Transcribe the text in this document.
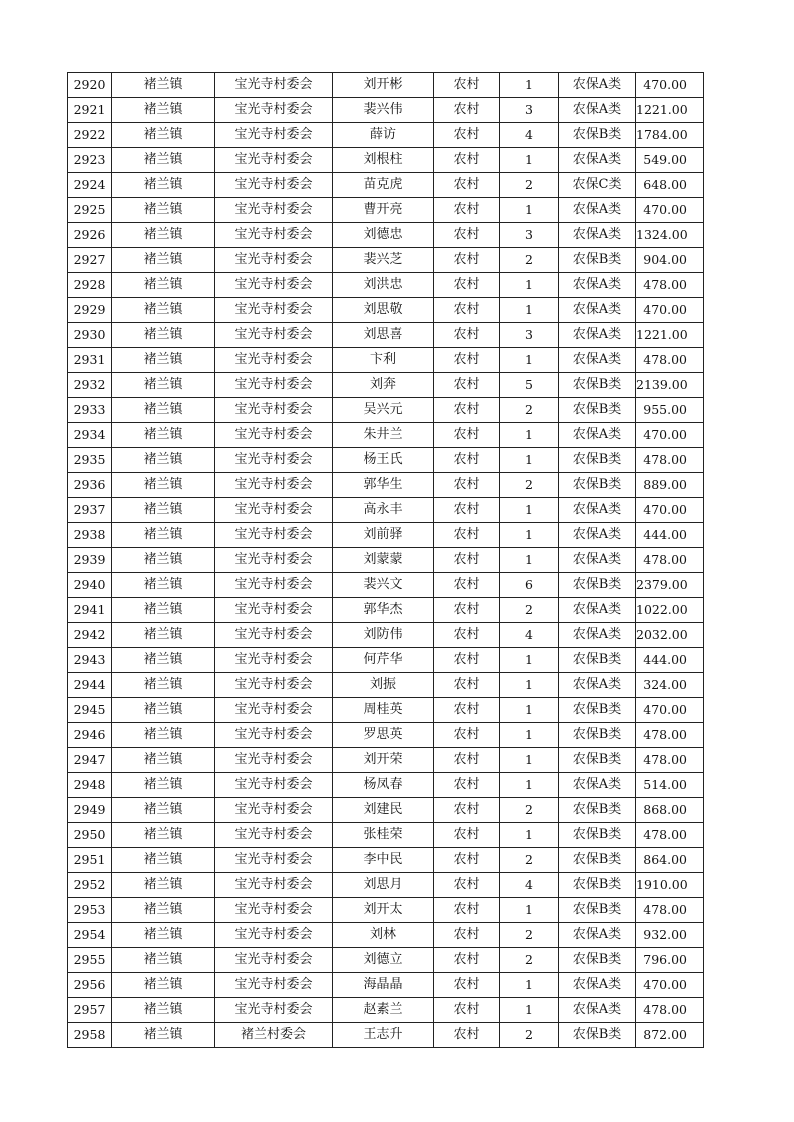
2920	褚兰镇	宝光寺村委会	刘开彬	农村	1	农保A类	470.00
2921	褚兰镇	宝光寺村委会	裴兴伟	农村	3	农保A类	1221.00
2922	褚兰镇	宝光寺村委会	薛访	农村	4	农保B类	1784.00
2923	褚兰镇	宝光寺村委会	刘根柱	农村	1	农保A类	549.00
2924	褚兰镇	宝光寺村委会	苗克虎	农村	2	农保C类	648.00
2925	褚兰镇	宝光寺村委会	曹开亮	农村	1	农保A类	470.00
2926	褚兰镇	宝光寺村委会	刘德忠	农村	3	农保A类	1324.00
2927	褚兰镇	宝光寺村委会	裴兴芝	农村	2	农保B类	904.00
2928	褚兰镇	宝光寺村委会	刘洪忠	农村	1	农保A类	478.00
2929	褚兰镇	宝光寺村委会	刘思敬	农村	1	农保A类	470.00
2930	褚兰镇	宝光寺村委会	刘思喜	农村	3	农保A类	1221.00
2931	褚兰镇	宝光寺村委会	卞利	农村	1	农保A类	478.00
2932	褚兰镇	宝光寺村委会	刘奔	农村	5	农保B类	2139.00
2933	褚兰镇	宝光寺村委会	吴兴元	农村	2	农保B类	955.00
2934	褚兰镇	宝光寺村委会	朱井兰	农村	1	农保A类	470.00
2935	褚兰镇	宝光寺村委会	杨王氏	农村	1	农保B类	478.00
2936	褚兰镇	宝光寺村委会	郭华生	农村	2	农保B类	889.00
2937	褚兰镇	宝光寺村委会	高永丰	农村	1	农保A类	470.00
2938	褚兰镇	宝光寺村委会	刘前驿	农村	1	农保A类	444.00
2939	褚兰镇	宝光寺村委会	刘蒙蒙	农村	1	农保A类	478.00
2940	褚兰镇	宝光寺村委会	裴兴文	农村	6	农保B类	2379.00
2941	褚兰镇	宝光寺村委会	郭华杰	农村	2	农保A类	1022.00
2942	褚兰镇	宝光寺村委会	刘防伟	农村	4	农保A类	2032.00
2943	褚兰镇	宝光寺村委会	何芹华	农村	1	农保B类	444.00
2944	褚兰镇	宝光寺村委会	刘振	农村	1	农保A类	324.00
2945	褚兰镇	宝光寺村委会	周桂英	农村	1	农保B类	470.00
2946	褚兰镇	宝光寺村委会	罗思英	农村	1	农保B类	478.00
2947	褚兰镇	宝光寺村委会	刘开荣	农村	1	农保B类	478.00
2948	褚兰镇	宝光寺村委会	杨凤春	农村	1	农保A类	514.00
2949	褚兰镇	宝光寺村委会	刘建民	农村	2	农保B类	868.00
2950	褚兰镇	宝光寺村委会	张桂荣	农村	1	农保B类	478.00
2951	褚兰镇	宝光寺村委会	李中民	农村	2	农保B类	864.00
2952	褚兰镇	宝光寺村委会	刘思月	农村	4	农保B类	1910.00
2953	褚兰镇	宝光寺村委会	刘开太	农村	1	农保B类	478.00
2954	褚兰镇	宝光寺村委会	刘林	农村	2	农保A类	932.00
2955	褚兰镇	宝光寺村委会	刘德立	农村	2	农保B类	796.00
2956	褚兰镇	宝光寺村委会	海晶晶	农村	1	农保A类	470.00
2957	褚兰镇	宝光寺村委会	赵素兰	农村	1	农保A类	478.00
2958	褚兰镇	褚兰村委会	王志升	农村	2	农保B类	872.00
